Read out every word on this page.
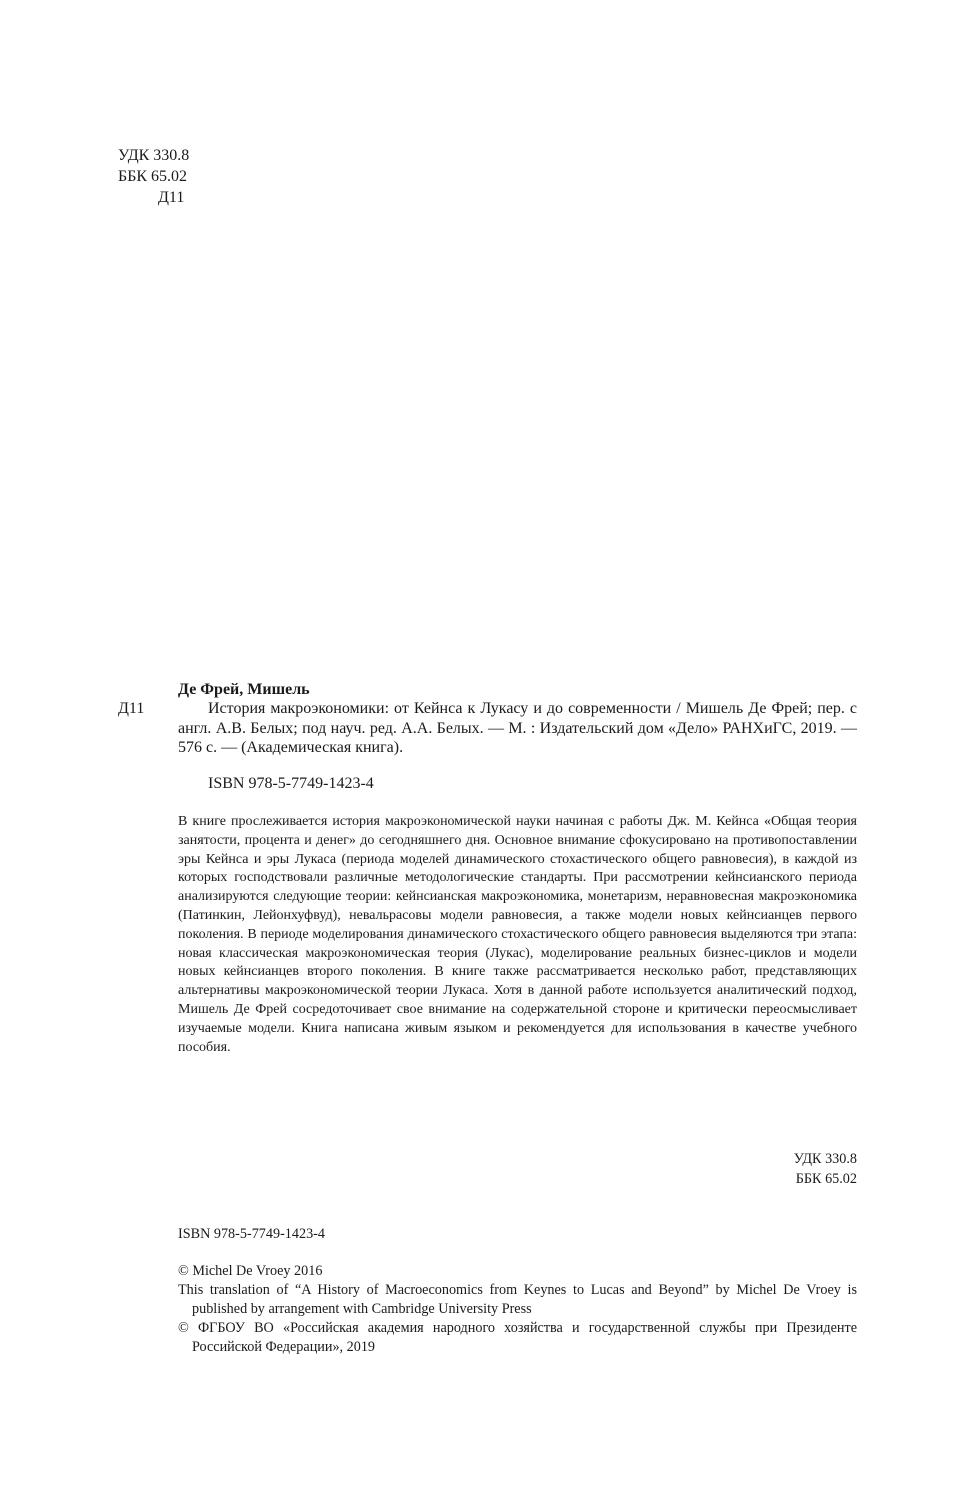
УДК 330.8
ББК 65.02
Д11
Де Фрей, Мишель
Д11	История макроэкономики: от Кейнса к Лукасу и до современности / Мишель Де Фрей; пер. с англ. А.В. Белых; под науч. ред. А.А. Белых. — М. : Издательский дом «Дело» РАНХиГС, 2019. — 576 с. — (Академическая книга).
ISBN 978-5-7749-1423-4
В книге прослеживается история макроэкономической науки начиная с работы Дж. М. Кейнса «Общая теория занятости, процента и денег» до сегодняшнего дня. Основное внимание сфокусировано на противопоставлении эры Кейнса и эры Лукаса (периода моделей динамического стохастического общего равновесия), в каждой из которых господствовали различные методологические стандарты. При рассмотрении кейнсианского периода анализируются следующие теории: кейнсианская макроэкономика, монетаризм, неравновесная макроэкономика (Патинкин, Лейонхуфвуд), невальрасовы модели равновесия, а также модели новых кейнсианцев первого поколения. В периоде моделирования динамического стохастического общего равновесия выделяются три этапа: новая классическая макроэкономическая теория (Лукас), моделирование реальных бизнес-циклов и модели новых кейнсианцев второго поколения. В книге также рассматривается несколько работ, представляющих альтернативы макроэкономической теории Лукаса. Хотя в данной работе используется аналитический подход, Мишель Де Фрей сосредоточивает свое внимание на содержательной стороне и критически переосмысливает изучаемые модели. Книга написана живым языком и рекомендуется для использования в качестве учебного пособия.
УДК 330.8
ББК 65.02
ISBN 978-5-7749-1423-4

© Michel De Vroey 2016

This translation of “A History of Macroeconomics from Keynes to Lucas and Beyond” by Michel De Vroey is published by arrangement with Cambridge University Press

© ФГБОУ ВО «Российская академия народного хозяйства и государственной службы при Президенте Российской Федерации», 2019
